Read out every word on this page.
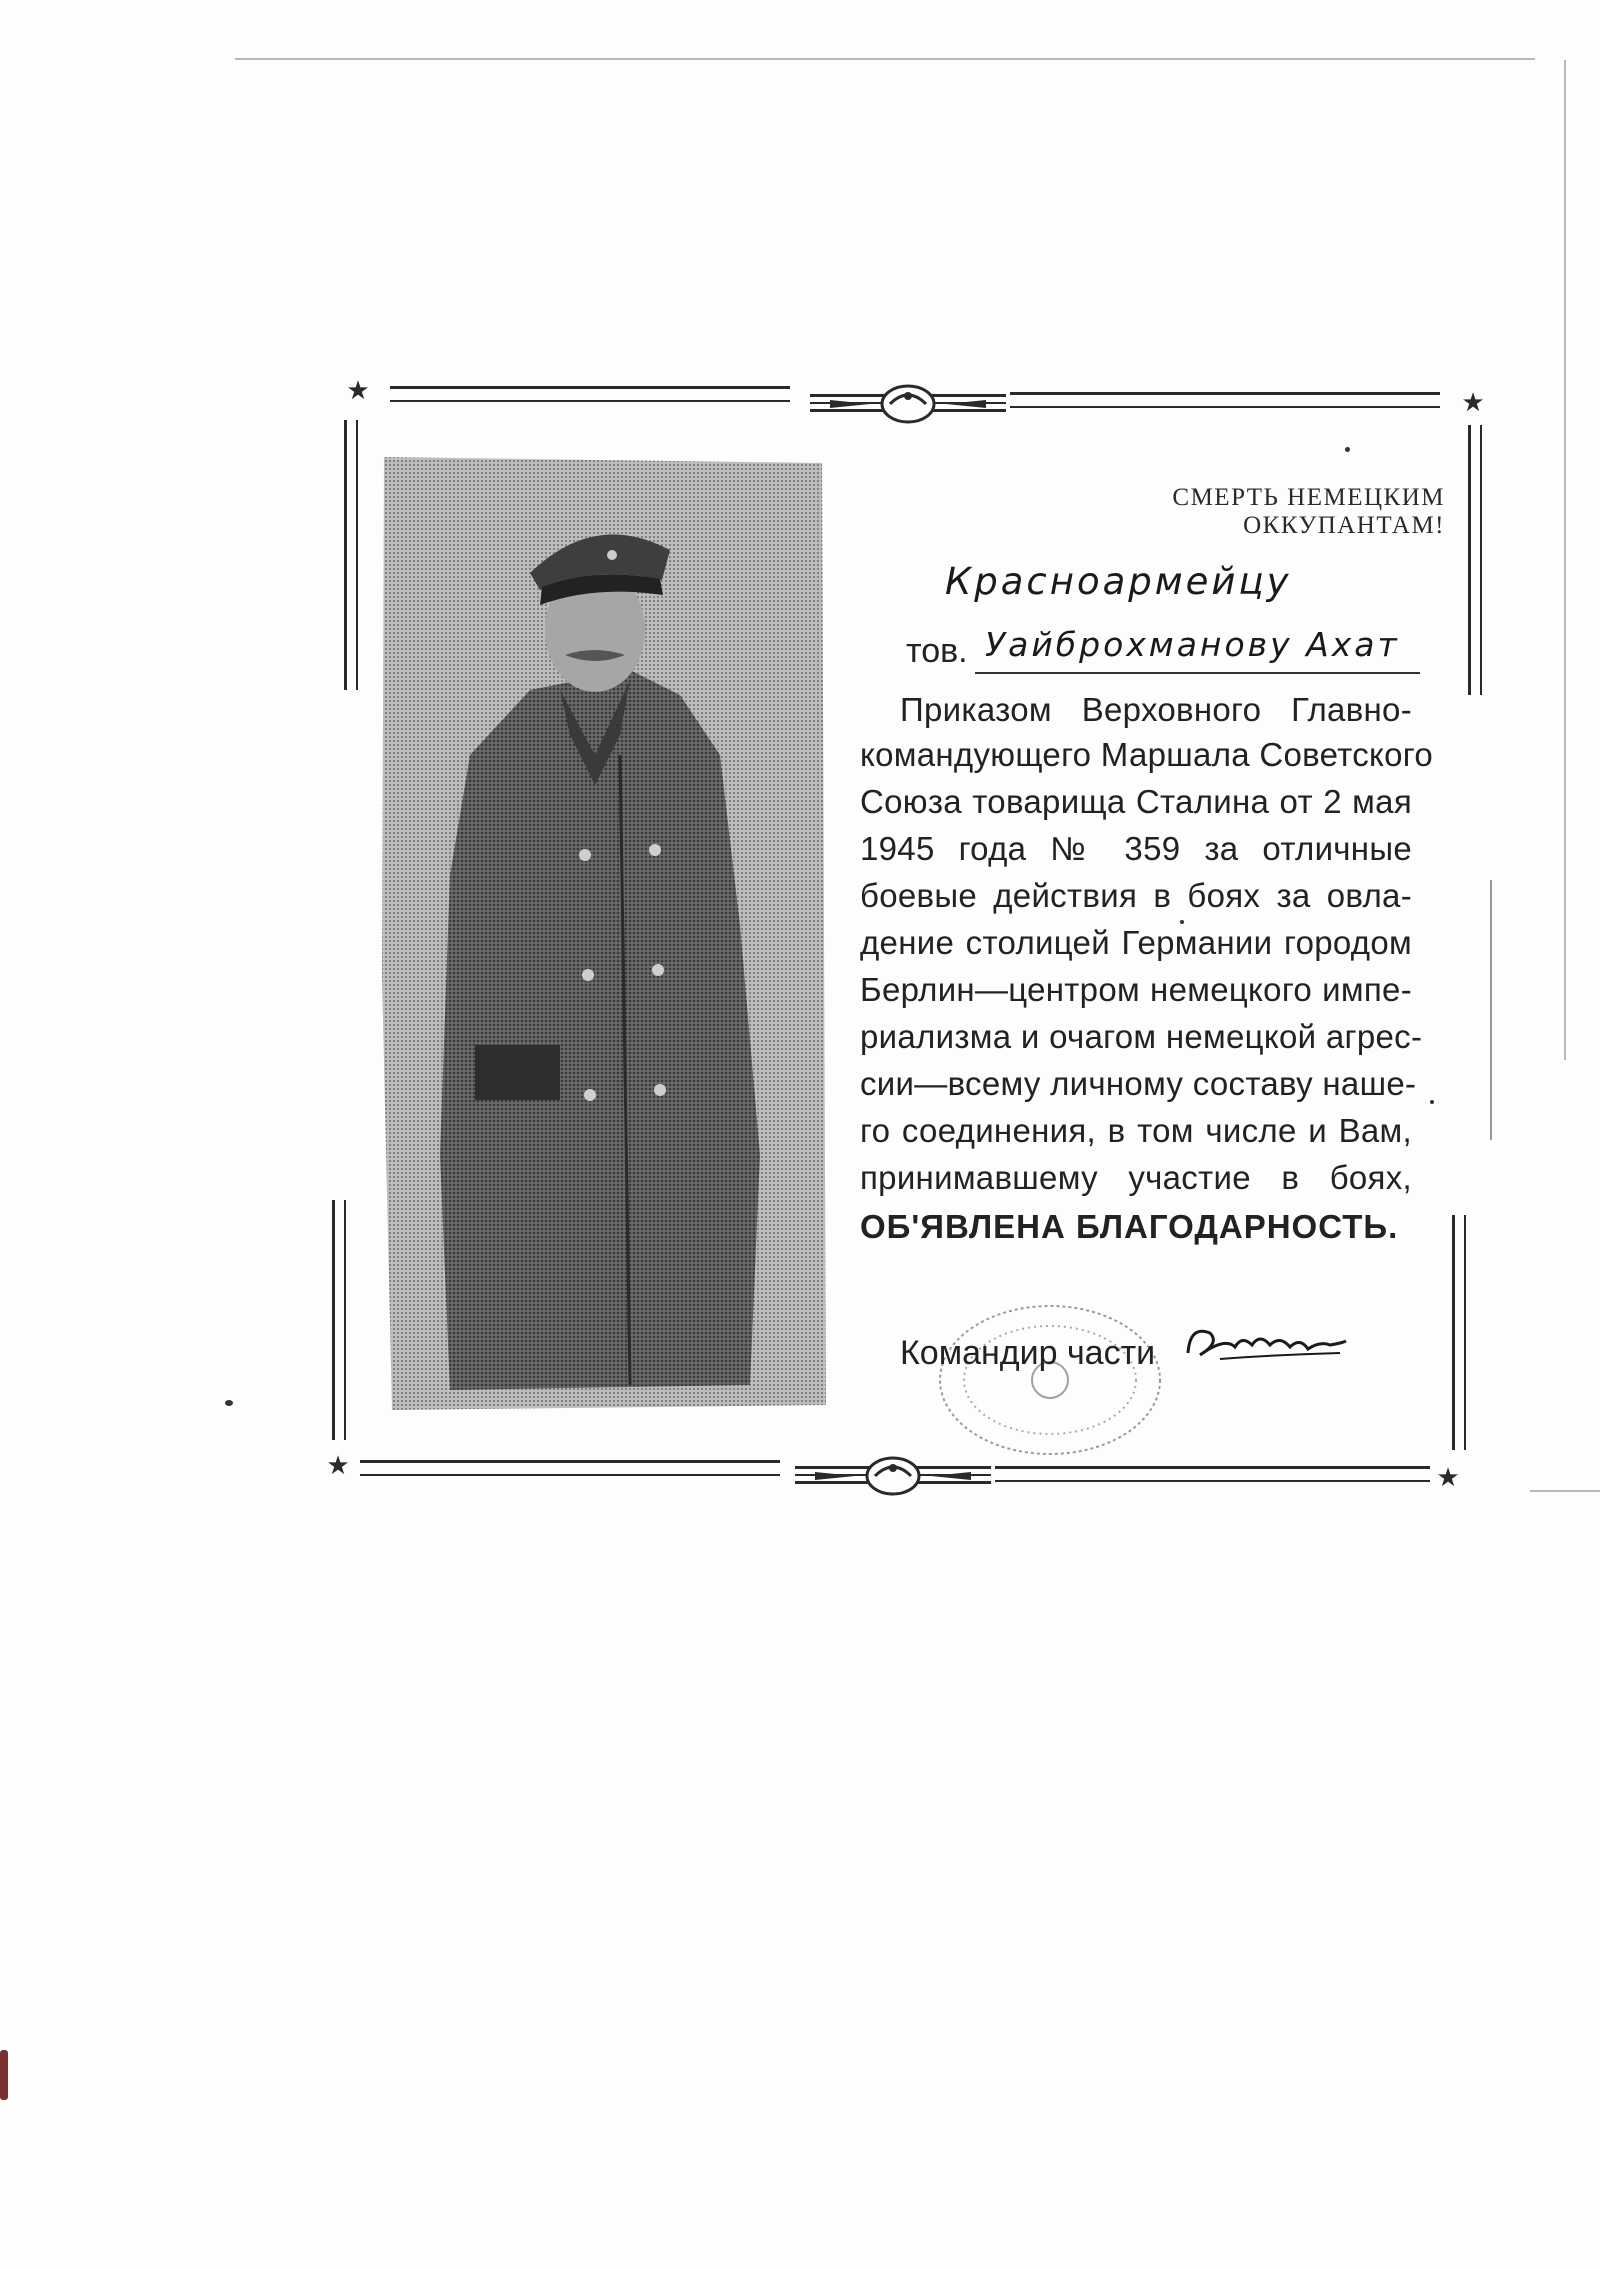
★	★
★	★
СМЕРТЬ НЕМЕЦКИМ ОККУПАНТАМ!
Красноармейцу
тов. Уайброхманову Ахат
Приказом Верховного Главно-
командующего Маршала Советского
Союза товарища Сталина от 2 мая
1945 года № 359 за отличные
боевые действия в боях за овла-
дение столицей Германии городом
Берлин—центром немецкого импе-
риализма и очагом немецкой агрес-
сии—всему личному составу наше-
го соединения, в том числе и Вам,
принимавшему участие в боях,
ОБ'ЯВЛЕНА БЛАГОДАРНОСТЬ.
Командир части
